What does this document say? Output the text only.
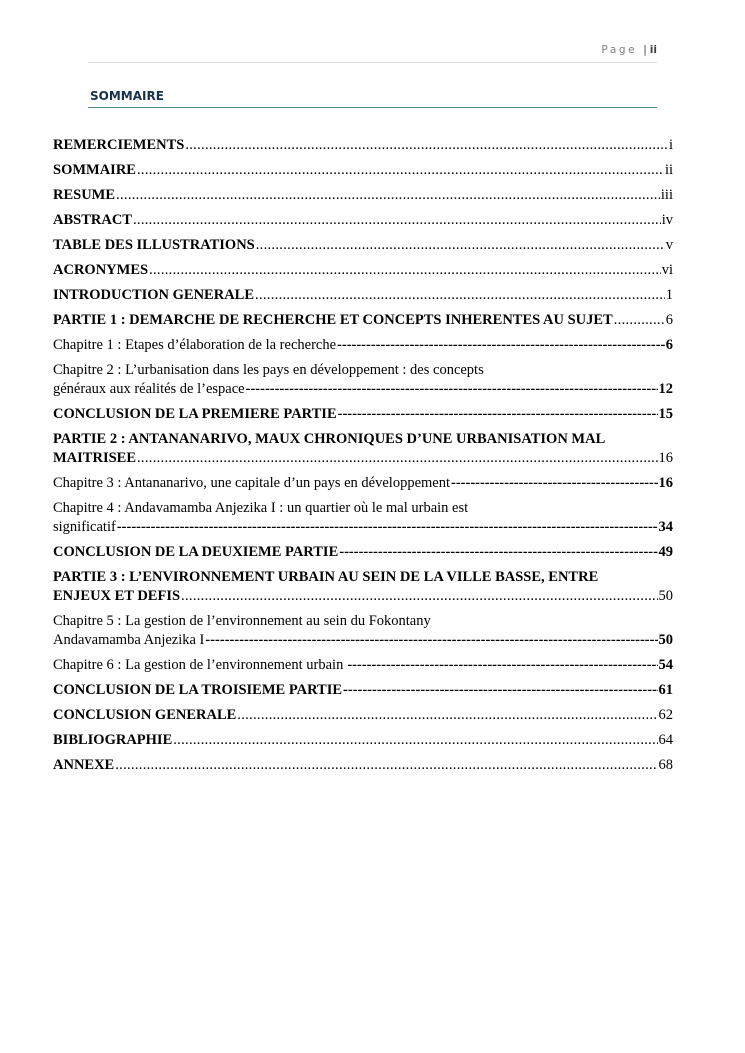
Page | ii
SOMMAIRE
REMERCIEMENTS .....	i
SOMMAIRE .....	ii
RESUME .....	iii
ABSTRACT .....	iv
TABLE DES ILLUSTRATIONS .....	v
ACRONYMES .....	vi
INTRODUCTION GENERALE .....	1
PARTIE 1 : DEMARCHE DE RECHERCHE ET CONCEPTS INHERENTES AU SUJET .....	6
Chapitre 1 : Etapes d’élaboration de la recherche -----	6
Chapitre 2 : L’urbanisation dans les pays en développement : des concepts
généraux aux réalités de l’espace -----	12
CONCLUSION DE LA PREMIERE PARTIE -----	15
PARTIE 2 : ANTANANARIVO, MAUX CHRONIQUES D’UNE URBANISATION MAL
MAITRISEE .....	16
Chapitre 3 : Antananarivo, une capitale d’un pays en développement -----	16
Chapitre 4 : Andavamamba Anjezika I : un quartier où le mal urbain est
significatif -----	34
CONCLUSION DE LA DEUXIEME PARTIE -----	49
PARTIE 3 : L’ENVIRONNEMENT URBAIN AU SEIN DE LA VILLE BASSE, ENTRE
ENJEUX ET DEFIS .....	50
Chapitre 5 : La gestion de l’environnement au sein du Fokontany
Andavamamba Anjezika I -----	50
Chapitre 6 : La gestion de l’environnement urbain -----	54
CONCLUSION DE LA TROISIEME PARTIE -----	61
CONCLUSION GENERALE .....	62
BIBLIOGRAPHIE .....	64
ANNEXE .....	68
